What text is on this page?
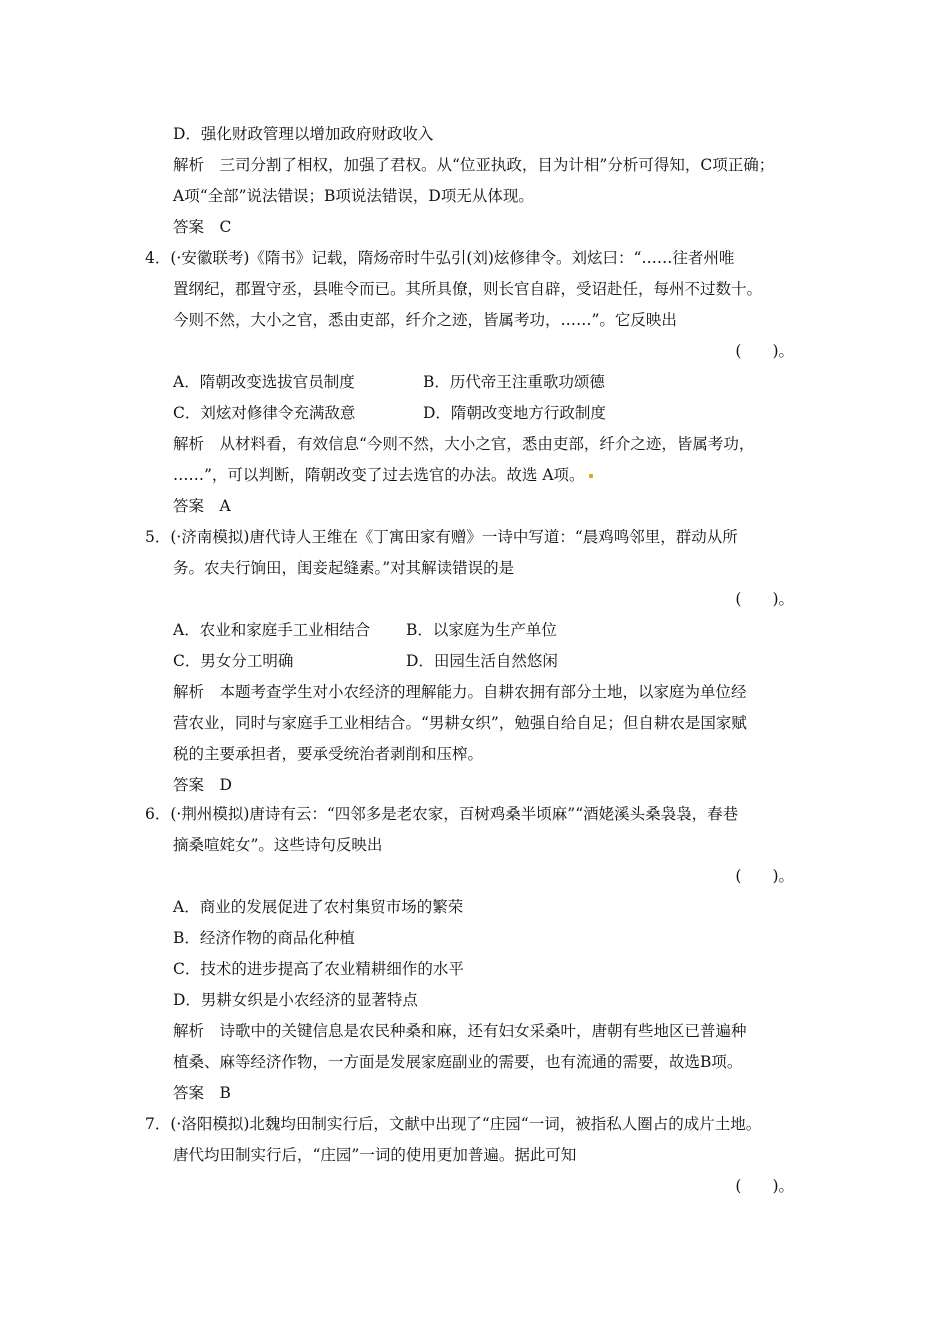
D．强化财政管理以增加政府财政收入
解析　三司分割了相权，加强了君权。从“位亚执政，目为计相”分析可得知，C项正确；
A项“全部”说法错误；B项说法错误，D项无从体现。
答案　C
4．(·安徽联考)《隋书》记载，隋炀帝时牛弘引(刘)炫修律令。刘炫曰：“……往者州唯
置纲纪，郡置守丞，县唯令而已。其所具僚，则长官自辟，受诏赴任，每州不过数十。
今则不然，大小之官，悉由吏部，纤介之迹，皆属考功，……”。它反映出
(　　)。
A．隋朝改变选拔官员制度	B．历代帝王注重歌功颂德
C．刘炫对修律令充满敌意	D．隋朝改变地方行政制度
解析　从材料看，有效信息“今则不然，大小之官，悉由吏部，纤介之迹，皆属考功，
……”，可以判断，隋朝改变了过去选官的办法。故选 A项。
答案　A
5．(·济南模拟)唐代诗人王维在《丁寓田家有赠》一诗中写道：“晨鸡鸣邻里，群动从所
务。农夫行饷田，闺妾起缝素。”对其解读错误的是
(　　)。
A．农业和家庭手工业相结合 B．以家庭为生产单位
C．男女分工明确	D．田园生活自然悠闲
解析　本题考查学生对小农经济的理解能力。自耕农拥有部分土地，以家庭为单位经
营农业，同时与家庭手工业相结合。“男耕女织”，勉强自给自足；但自耕农是国家赋
税的主要承担者，要承受统治者剥削和压榨。
答案　D
6．(·荆州模拟)唐诗有云：“四邻多是老农家，百树鸡桑半顷麻”“酒姥溪头桑袅袅，春巷
摘桑喧姹女”。这些诗句反映出
(　　)。
A．商业的发展促进了农村集贸市场的繁荣
B．经济作物的商品化种植
C．技术的进步提高了农业精耕细作的水平
D．男耕女织是小农经济的显著特点
解析　诗歌中的关键信息是农民种桑和麻，还有妇女采桑叶，唐朝有些地区已普遍种
植桑、麻等经济作物，一方面是发展家庭副业的需要，也有流通的需要，故选B项。
答案　B
7．(·洛阳模拟)北魏均田制实行后，文献中出现了“庄园“一词，被指私人圈占的成片土地。
唐代均田制实行后，“庄园”一词的使用更加普遍。据此可知
(　　)。
